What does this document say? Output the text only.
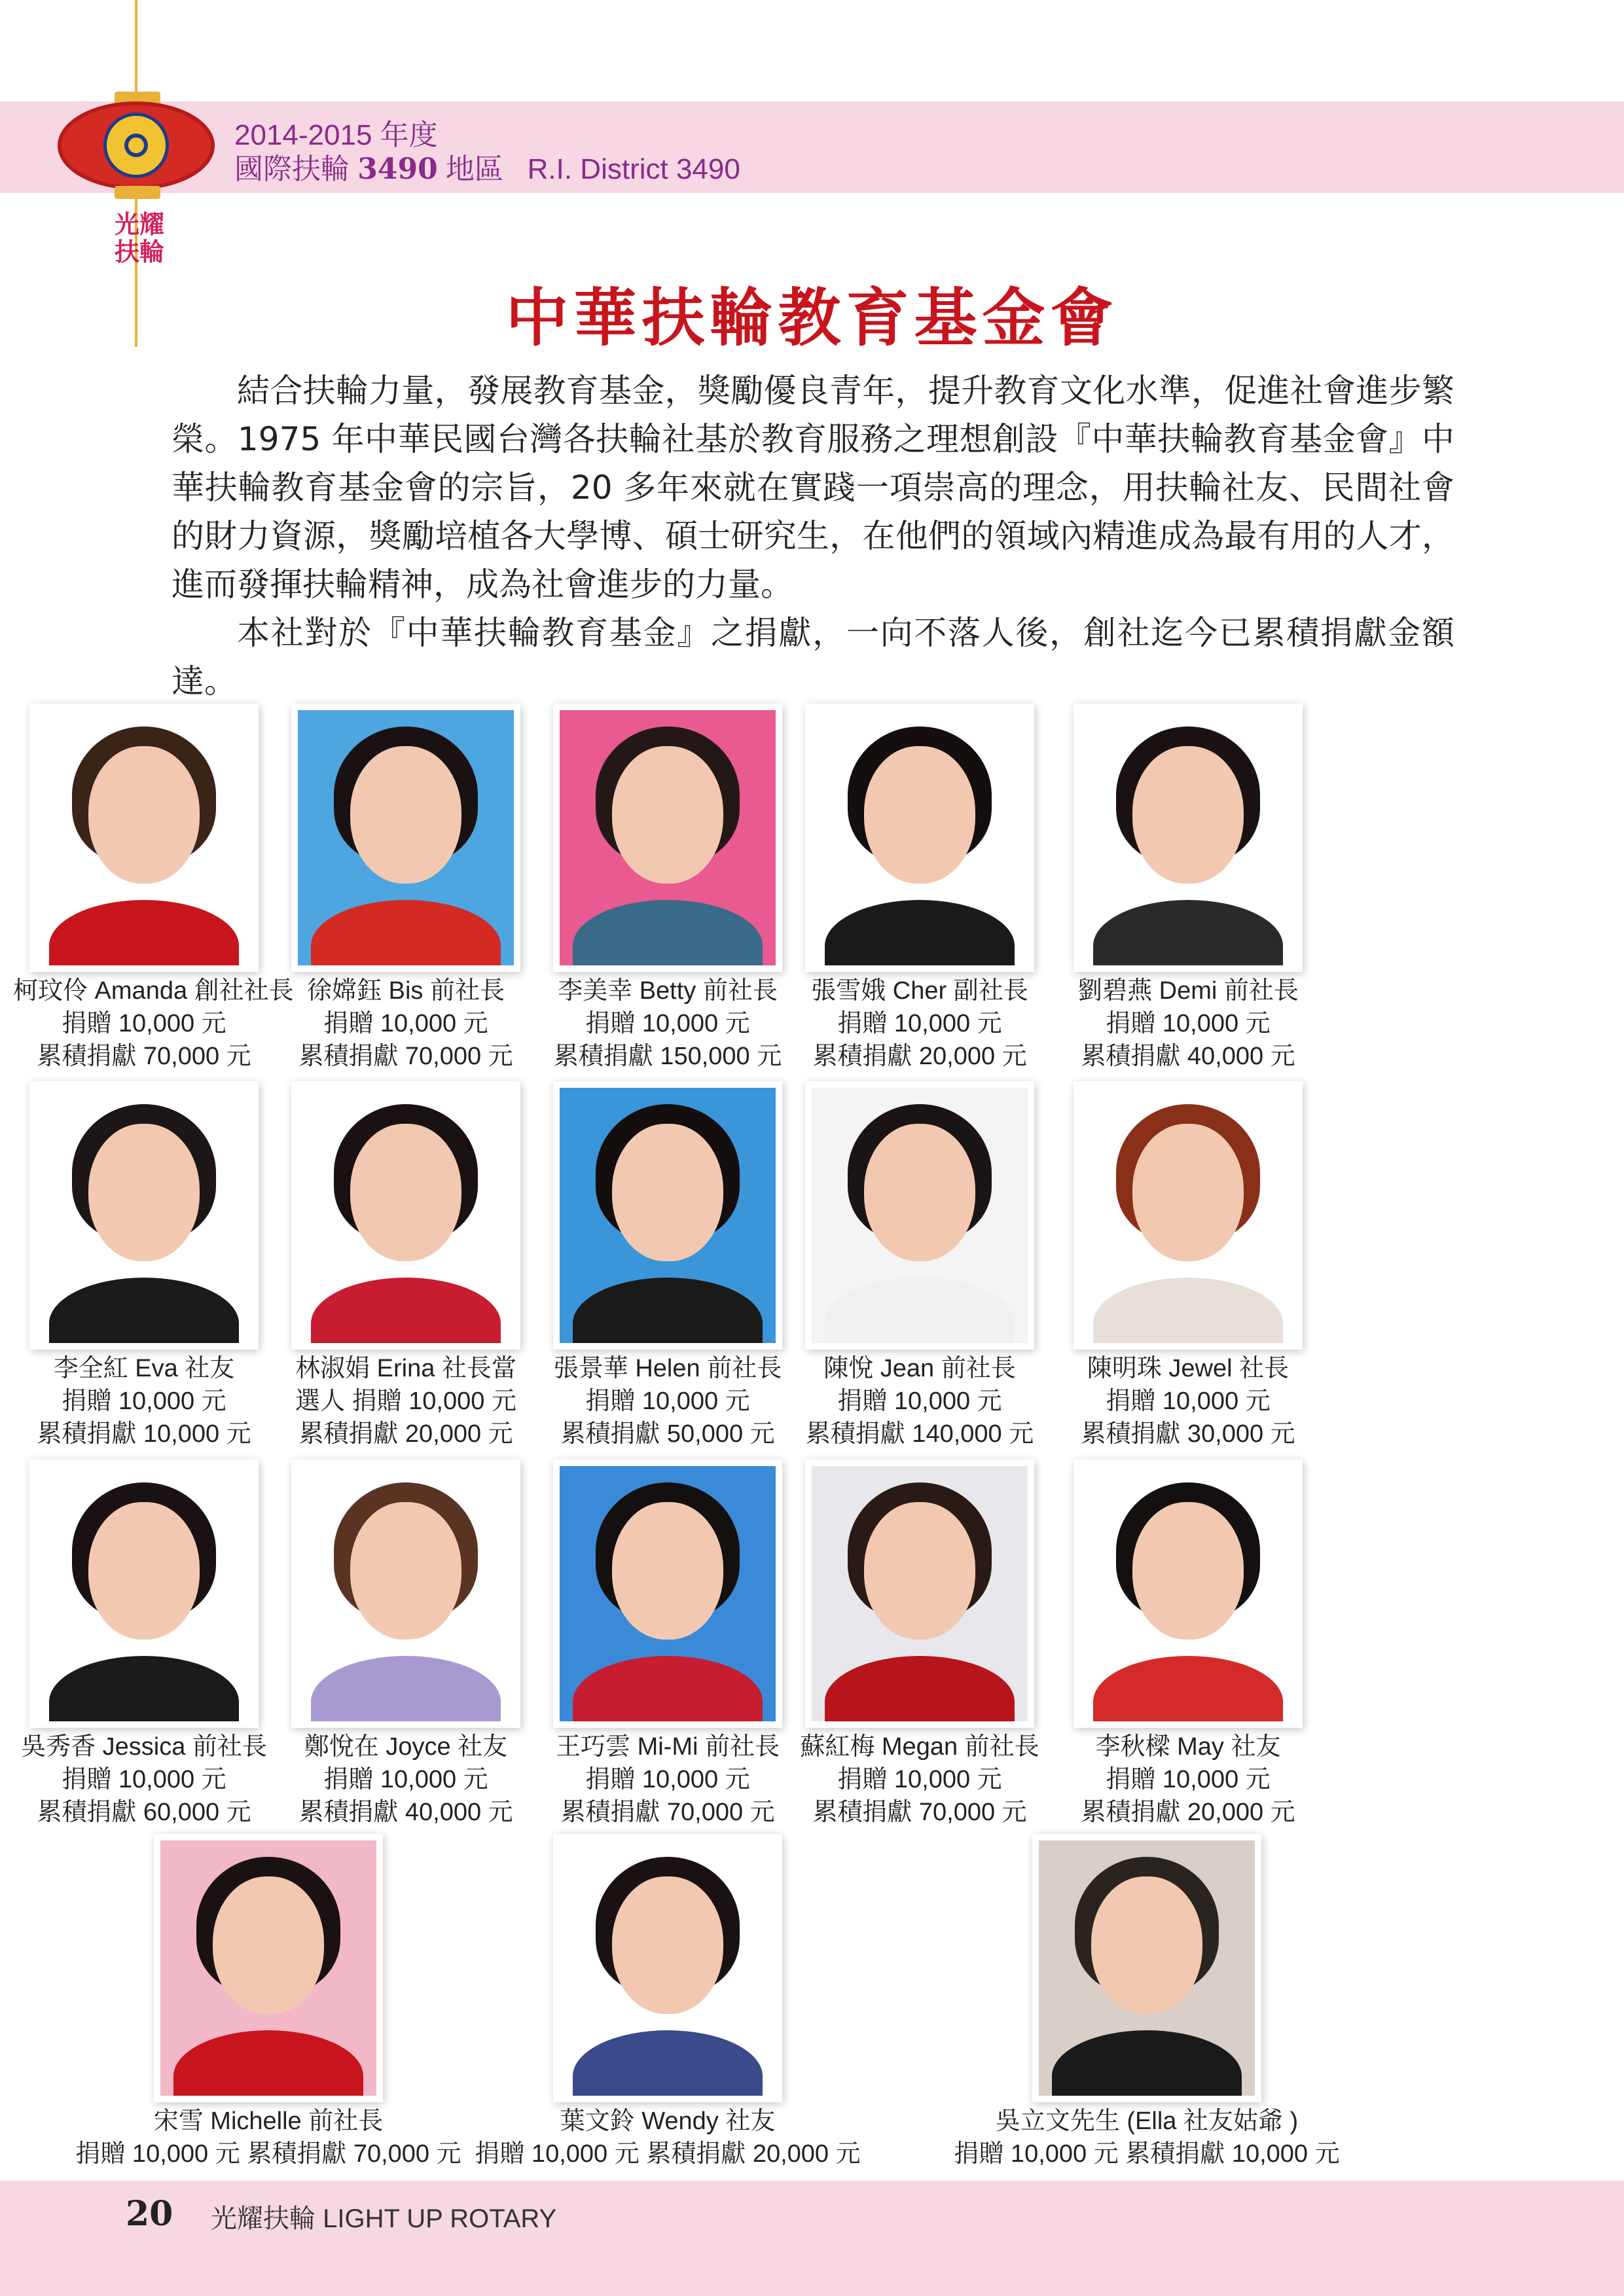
光耀扶輪
2014-2015 年度
國際扶輪 3490 地區 R.I. District 3490
中華扶輪教育基金會

結合扶輪力量，發展教育基金，獎勵優良青年，提升教育文化水準，促進社會進步繁榮。1975 年中華民國台灣各扶輪社基於教育服務之理想創設『中華扶輪教育基金會』中華扶輪教育基金會的宗旨，20 多年來就在實踐一項崇高的理念，用扶輪社友、民間社會的財力資源，獎勵培植各大學博、碩士研究生，在他們的領域內精進成為最有用的人才，進而發揮扶輪精神，成為社會進步的力量。

本社對於『中華扶輪教育基金』之捐獻，一向不落人後，創社迄今已累積捐獻金額達。

柯玟伶 Amanda 創社社長
捐贈 10,000 元
累積捐獻 70,000 元
徐嫦鈺 Bis 前社長
捐贈 10,000 元
累積捐獻 70,000 元
李美幸 Betty 前社長
捐贈 10,000 元
累積捐獻 150,000 元
張雪娥 Cher 副社長
捐贈 10,000 元
累積捐獻 20,000 元
劉碧燕 Demi 前社長
捐贈 10,000 元
累積捐獻 40,000 元
李全紅 Eva 社友
捐贈 10,000 元
累積捐獻 10,000 元
林淑娟 Erina 社長當
選人 捐贈 10,000 元
累積捐獻 20,000 元
張景華 Helen 前社長
捐贈 10,000 元
累積捐獻 50,000 元
陳悅 Jean 前社長
捐贈 10,000 元
累積捐獻 140,000 元
陳明珠 Jewel 社長
捐贈 10,000 元
累積捐獻 30,000 元
吳秀香 Jessica 前社長
捐贈 10,000 元
累積捐獻 60,000 元
鄭悅在 Joyce 社友
捐贈 10,000 元
累積捐獻 40,000 元
王巧雲 Mi-Mi 前社長
捐贈 10,000 元
累積捐獻 70,000 元
蘇紅梅 Megan 前社長
捐贈 10,000 元
累積捐獻 70,000 元
李秋樑 May 社友
捐贈 10,000 元
累積捐獻 20,000 元
宋雪 Michelle 前社長
捐贈 10,000 元 累積捐獻 70,000 元
葉文鈴 Wendy 社友
捐贈 10,000 元 累積捐獻 20,000 元
吳立文先生 (Ella 社友姑爺 )
捐贈 10,000 元 累積捐獻 10,000 元
20 光耀扶輪 LIGHT UP ROTARY
